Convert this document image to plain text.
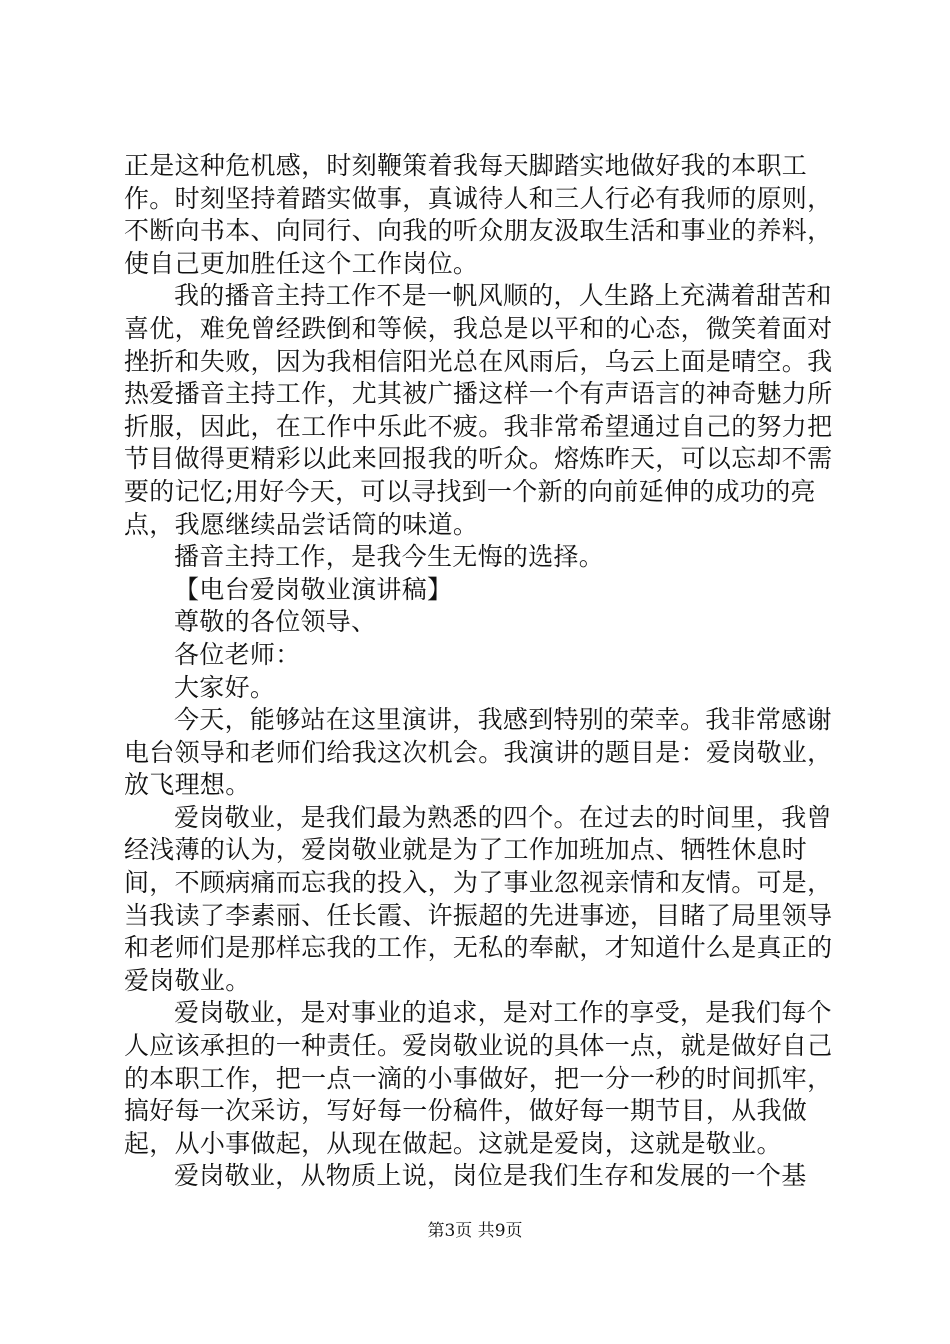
正是这种危机感，时刻鞭策着我每天脚踏实地做好我的本职工作。时刻坚持着踏实做事，真诚待人和三人行必有我师的原则，不断向书本、向同行、向我的听众朋友汲取生活和事业的养料，使自己更加胜任这个工作岗位。

我的播音主持工作不是一帆风顺的，人生路上充满着甜苦和喜优，难免曾经跌倒和等候，我总是以平和的心态，微笑着面对挫折和失败，因为我相信阳光总在风雨后，乌云上面是晴空。我热爱播音主持工作，尤其被广播这样一个有声语言的神奇魅力所折服，因此，在工作中乐此不疲。我非常希望通过自己的努力把节目做得更精彩以此来回报我的听众。熔炼昨天，可以忘却不需要的记忆;用好今天，可以寻找到一个新的向前延伸的成功的亮点，我愿继续品尝话筒的味道。

播音主持工作，是我今生无悔的选择。

【电台爱岗敬业演讲稿】

尊敬的各位领导、

各位老师：

大家好。

今天，能够站在这里演讲，我感到特别的荣幸。我非常感谢电台领导和老师们给我这次机会。我演讲的题目是：爱岗敬业，放飞理想。

爱岗敬业，是我们最为熟悉的四个。在过去的时间里，我曾经浅薄的认为，爱岗敬业就是为了工作加班加点、牺牲休息时间，不顾病痛而忘我的投入，为了事业忽视亲情和友情。可是，当我读了李素丽、任长霞、许振超的先进事迹，目睹了局里领导和老师们是那样忘我的工作，无私的奉献，才知道什么是真正的爱岗敬业。

爱岗敬业，是对事业的追求，是对工作的享受，是我们每个人应该承担的一种责任。爱岗敬业说的具体一点，就是做好自己的本职工作，把一点一滴的小事做好，把一分一秒的时间抓牢，搞好每一次采访，写好每一份稿件，做好每一期节目，从我做起，从小事做起，从现在做起。这就是爱岗，这就是敬业。

爱岗敬业，从物质上说，岗位是我们生存和发展的一个基

第3页 共9页
